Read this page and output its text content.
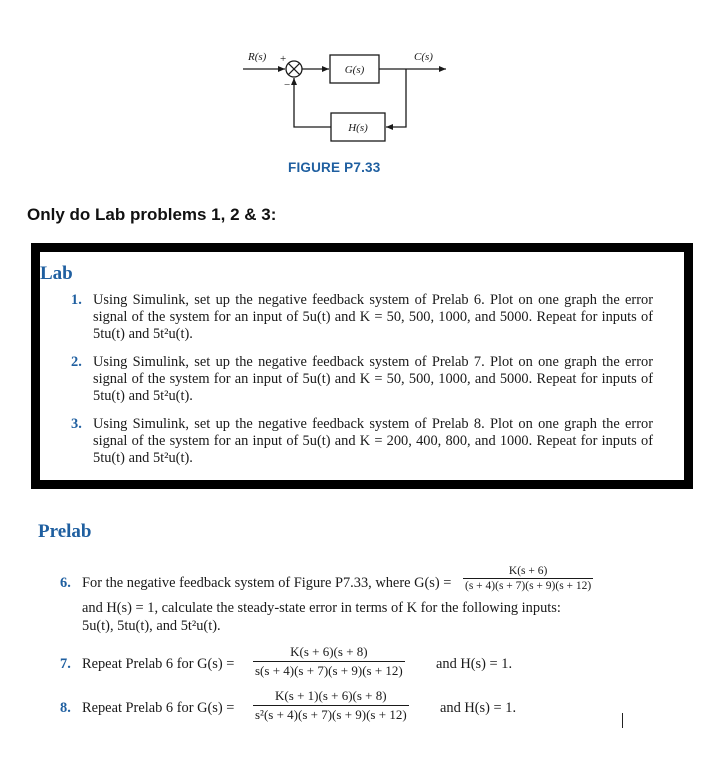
R(s) +
−
G(s)
C(s)
H(s)
FIGURE P7.33
Only do Lab problems 1, 2 & 3:
Lab
1. Using Simulink, set up the negative feedback system of Prelab 6. Plot on one graph the error signal of the system for an input of 5u(t) and K = 50, 500, 1000, and 5000. Repeat for inputs of 5tu(t) and 5t²u(t).
2. Using Simulink, set up the negative feedback system of Prelab 7. Plot on one graph the error signal of the system for an input of 5u(t) and K = 50, 500, 1000, and 5000. Repeat for inputs of 5tu(t) and 5t²u(t).
3. Using Simulink, set up the negative feedback system of Prelab 8. Plot on one graph the error signal of the system for an input of 5u(t) and K = 200, 400, 800, and 1000. Repeat for inputs of 5tu(t) and 5t²u(t).
Prelab
6. For the negative feedback system of Figure P7.33, where $G(s) = \frac{K(s + 6)}{(s + 4)(s + 7)(s + 9)(s + 12)}$
and H(s) = 1, calculate the steady-state error in terms of K for the following inputs:
5u(t), 5tu(t), and 5t²u(t).
7. Repeat Prelab 6 for $G(s) = \frac{K(s + 6)(s + 8)}{s(s + 4)(s + 7)(s + 9)(s + 12)}$ and H(s) = 1.
8. Repeat Prelab 6 for $G(s) = \frac{K(s + 1)(s + 6)(s + 8)}{\text{s²(s + 4)(s + 7)(s + 9)(s + 12)}}$ and H(s) = 1.
